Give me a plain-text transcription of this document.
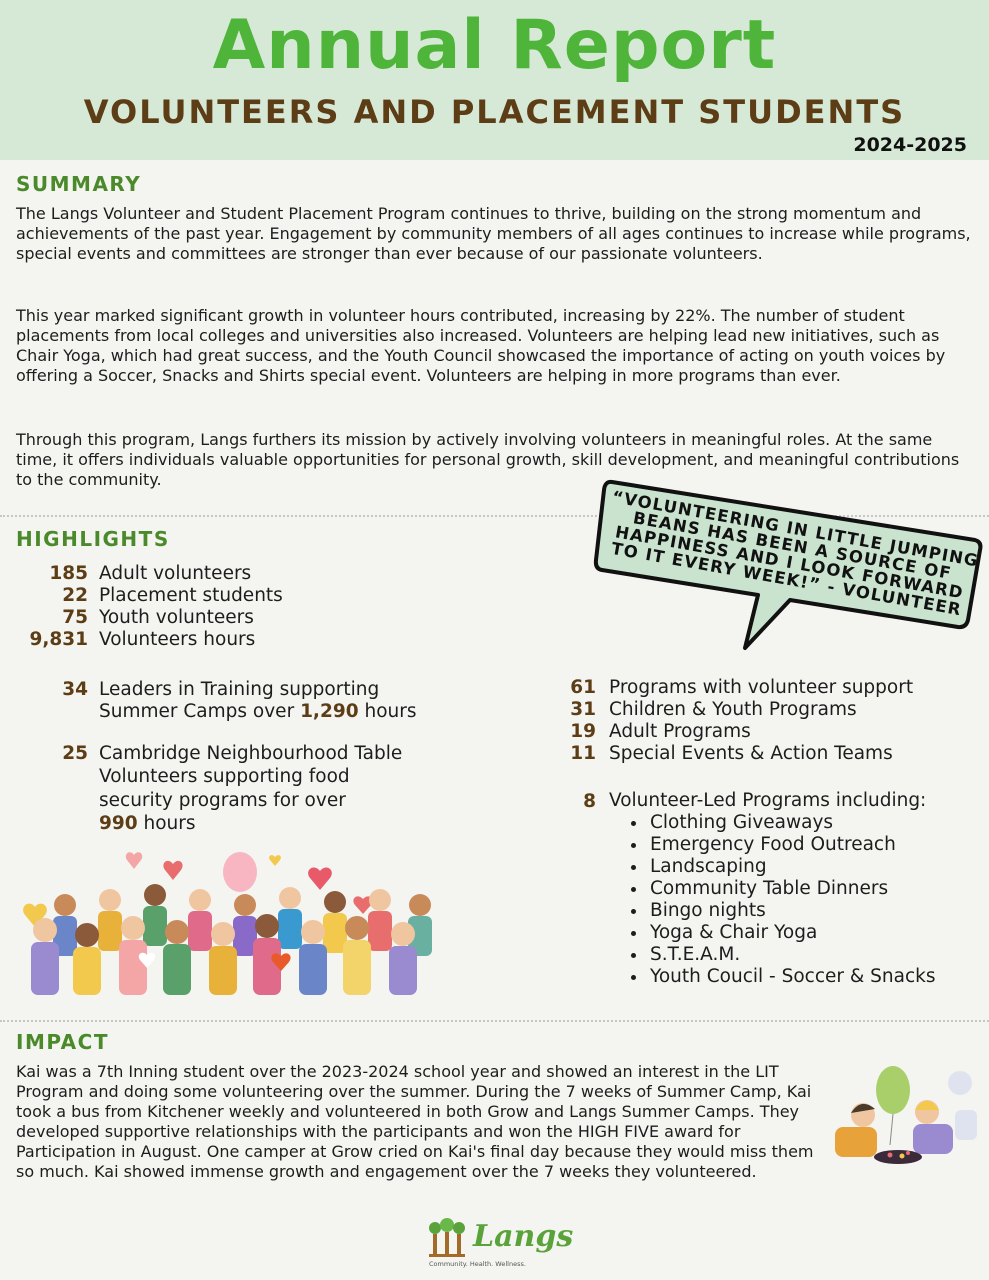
Annual Report
VOLUNTEERS AND PLACEMENT STUDENTS
2024-2025
SUMMARY

The Langs Volunteer and Student Placement Program continues to thrive, building on the strong momentum and achievements of the past year. Engagement by community members of all ages continues to increase while programs, special events and committees are stronger than ever because of our passionate volunteers.

This year marked significant growth in volunteer hours contributed, increasing by 22%. The number of student placements from local colleges and universities also increased. Volunteers are helping lead new initiatives, such as Chair Yoga, which had great success, and the Youth Council showcased the importance of acting on youth voices by offering a Soccer, Snacks and Shirts special event. Volunteers are helping in more programs than ever.

Through this program, Langs furthers its mission by actively involving volunteers in meaningful roles. At the same time, it offers individuals valuable opportunities for personal growth, skill development, and meaningful contributions to the community.

HIGHLIGHTS
185 Adult volunteers
22 Placement students
75 Youth volunteers
9,831 Volunteers hours
34 Leaders in Training supporting
Summer Camps over 1,290 hours
25 Cambridge Neighbourhood Table
Volunteers supporting food
security programs for over
990 hours
“VOLUNTEERING IN LITTLE JUMPING BEANS HAS BEEN A SOURCE OF HAPPINESS AND I LOOK FORWARD TO IT EVERY WEEK!” - VOLUNTEER
61 Programs with volunteer support
31 Children & Youth Programs
19 Adult Programs
11 Special Events & Action Teams
8 Volunteer-Led Programs including:
• Clothing Giveaways
• Emergency Food Outreach
• Landscaping
• Community Table Dinners
• Bingo nights
• Yoga & Chair Yoga
• S.T.E.A.M.
• Youth Coucil - Soccer & Snacks
IMPACT

Kai was a 7th Inning student over the 2023-2024 school year and showed an interest in the LIT Program and doing some volunteering over the summer. During the 7 weeks of Summer Camp, Kai took a bus from Kitchener weekly and volunteered in both Grow and Langs Summer Camps. They developed supportive relationships with the participants and won the HIGH FIVE award for Participation in August. One camper at Grow cried on Kai's final day because they would miss them so much. Kai showed immense growth and engagement over the 7 weeks they volunteered.

Langs
Community. Health. Wellness.
